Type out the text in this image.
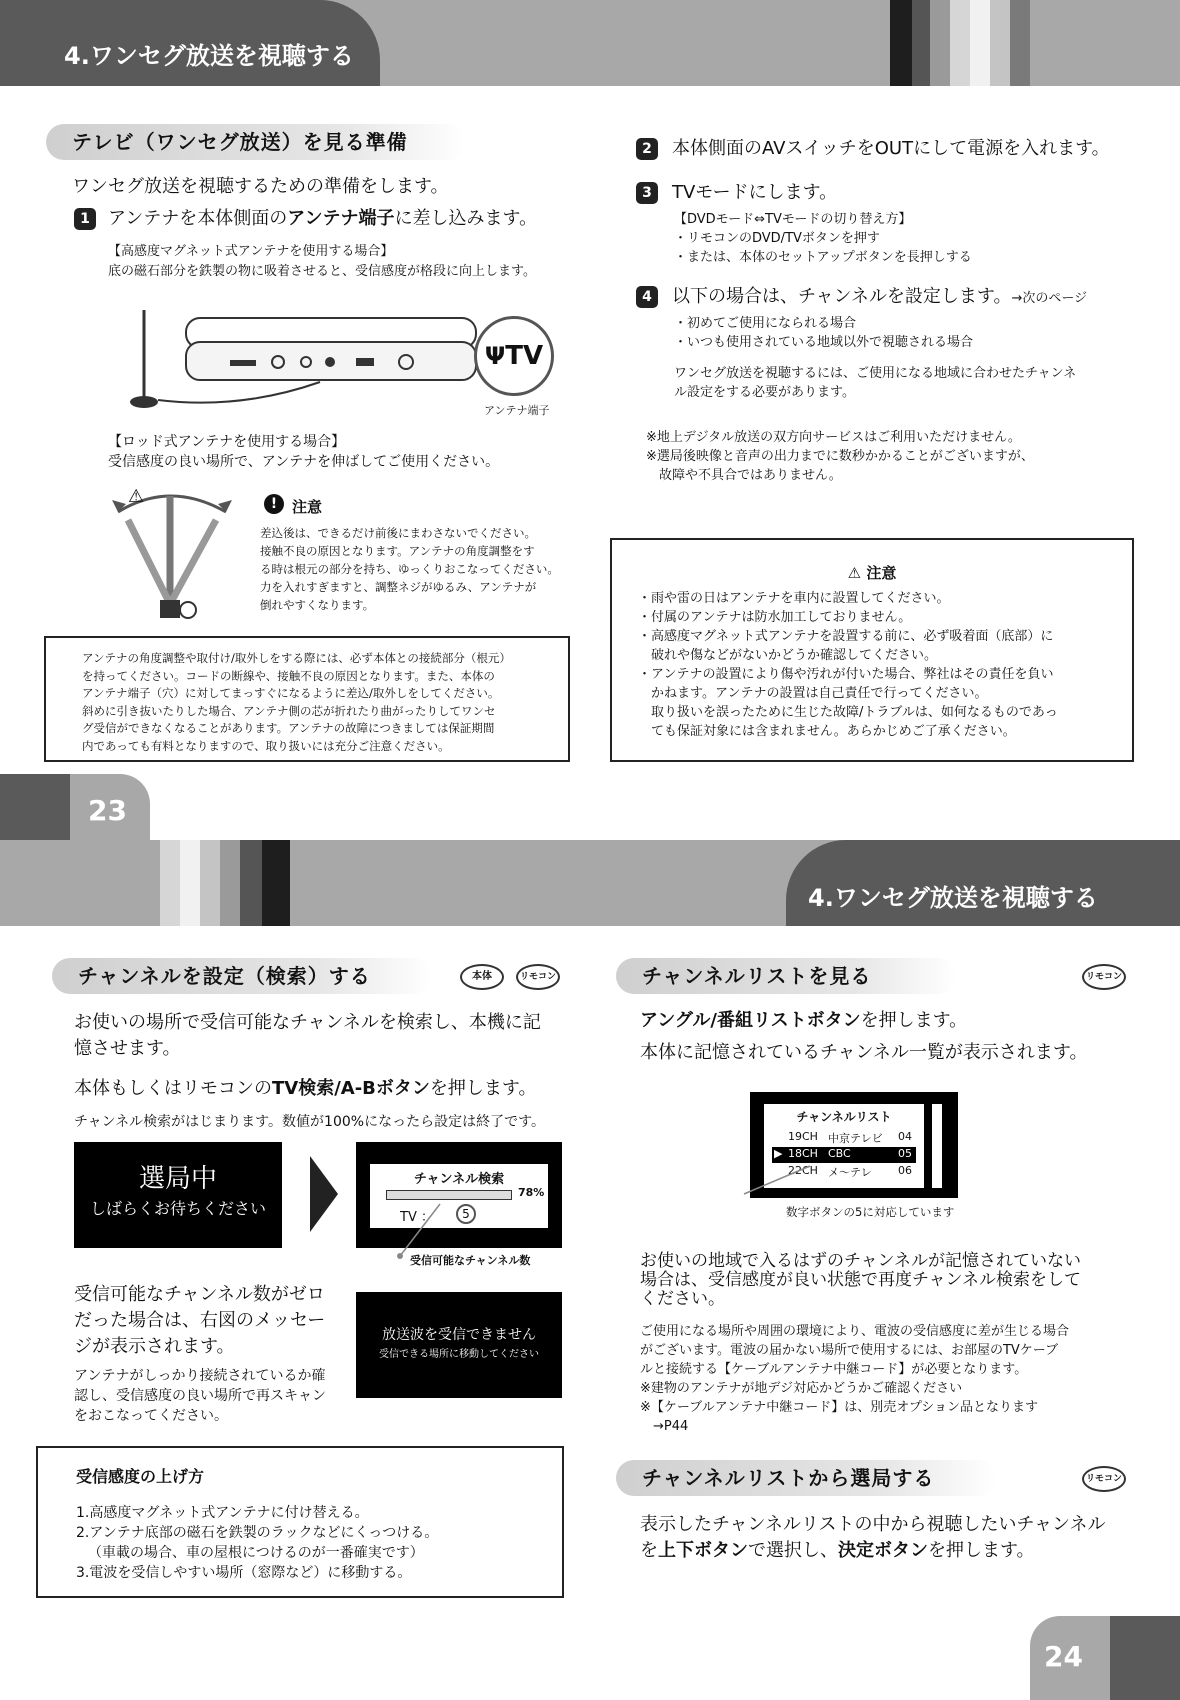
4.ワンセグ放送を視聴する
テレビ（ワンセグ放送）を見る準備
ワンセグ放送を視聴するための準備をします。
1	アンテナを本体側面のアンテナ端子に差し込みます。
【高感度マグネット式アンテナを使用する場合】
底の磁石部分を鉄製の物に吸着させると、受信感度が格段に向上します。
ΨTV
アンテナ端子
【ロッド式アンテナを使用する場合】
受信感度の良い場所で、アンテナを伸ばしてご使用ください。
⚠	! 注意
差込後は、できるだけ前後にまわさないでください。
接触不良の原因となります。アンテナの角度調整をす
る時は根元の部分を持ち、ゆっくりおこなってください。
力を入れすぎますと、調整ネジがゆるみ、アンテナが
倒れやすくなります。
アンテナの角度調整や取付け/取外しをする際には、必ず本体との接続部分（根元）
を持ってください。コードの断線や、接触不良の原因となります。また、本体の
アンテナ端子（穴）に対してまっすぐになるように差込/取外しをしてください。
斜めに引き抜いたりした場合、アンテナ側の芯が折れたり曲がったりしてワンセ
グ受信ができなくなることがあります。アンテナの故障につきましては保証期間
内であっても有料となりますので、取り扱いには充分ご注意ください。
2	本体側面のAVスイッチをOUTにして電源を入れます。
3	TVモードにします。
【DVDモード⇔TVモードの切り替え方】
・リモコンのDVD/TVボタンを押す
・または、本体のセットアップボタンを長押しする
4	以下の場合は、チャンネルを設定します。→次のページ
・初めてご使用になられる場合
・いつも使用されている地域以外で視聴される場合
ワンセグ放送を視聴するには、ご使用になる地域に合わせたチャンネ
ル設定をする必要があります。
※地上デジタル放送の双方向サービスはご利用いただけません。
※選局後映像と音声の出力までに数秒かかることがございますが、
　故障や不具合ではありません。
⚠ 注意
・雨や雷の日はアンテナを車内に設置してください。
・付属のアンテナは防水加工しておりません。
・高感度マグネット式アンテナを設置する前に、必ず吸着面（底部）に
　破れや傷などがないかどうか確認してください。
・アンテナの設置により傷や汚れが付いた場合、弊社はその責任を負い
　かねます。アンテナの設置は自己責任で行ってください。
　取り扱いを誤ったために生じた故障/トラブルは、如何なるものであっ
　ても保証対象には含まれません。あらかじめご了承ください。
23
4.ワンセグ放送を視聴する
チャンネルを設定（検索）する	本体	リモコン
お使いの場所で受信可能なチャンネルを検索し、本機に記
憶させます。
本体もしくはリモコンのTV検索/A-Bボタンを押します。
チャンネル検索がはじまります。数値が100%になったら設定は終了です。
選局中
しばらくお待ちください
チャンネル検索
78%
TV ：	5
受信可能なチャンネル数
受信可能なチャンネル数がゼロ
だった場合は、右図のメッセー
ジが表示されます。
アンテナがしっかり接続されているか確
認し、受信感度の良い場所で再スキャン
をおこなってください。
放送波を受信できません
受信できる場所に移動してください
受信感度の上げ方
1.高感度マグネット式アンテナに付け替える。
2.アンテナ底部の磁石を鉄製のラックなどにくっつける。
（車載の場合、車の屋根につけるのが一番確実です）
3.電波を受信しやすい場所（窓際など）に移動する。
チャンネルリストを見る	リモコン
アングル/番組リストボタンを押します。
本体に記憶されているチャンネル一覧が表示されます。
チャンネルリスト
19CH 中京テレビ 04
▶ 18CH CBC	05
22CH メ～テレ 06
数字ボタンの5に対応しています
お使いの地域で入るはずのチャンネルが記憶されていない
場合は、受信感度が良い状態で再度チャンネル検索をして
ください。
ご使用になる場所や周囲の環境により、電波の受信感度に差が生じる場合
がございます。電波の届かない場所で使用するには、お部屋のTVケーブ
ルと接続する【ケーブルアンテナ中継コード】が必要となります。
※建物のアンテナが地デジ対応かどうかご確認ください
※【ケーブルアンテナ中継コード】は、別売オプション品となります
　→P44
チャンネルリストから選局する	リモコン
表示したチャンネルリストの中から視聴したいチャンネル
を上下ボタンで選択し、決定ボタンを押します。
24
